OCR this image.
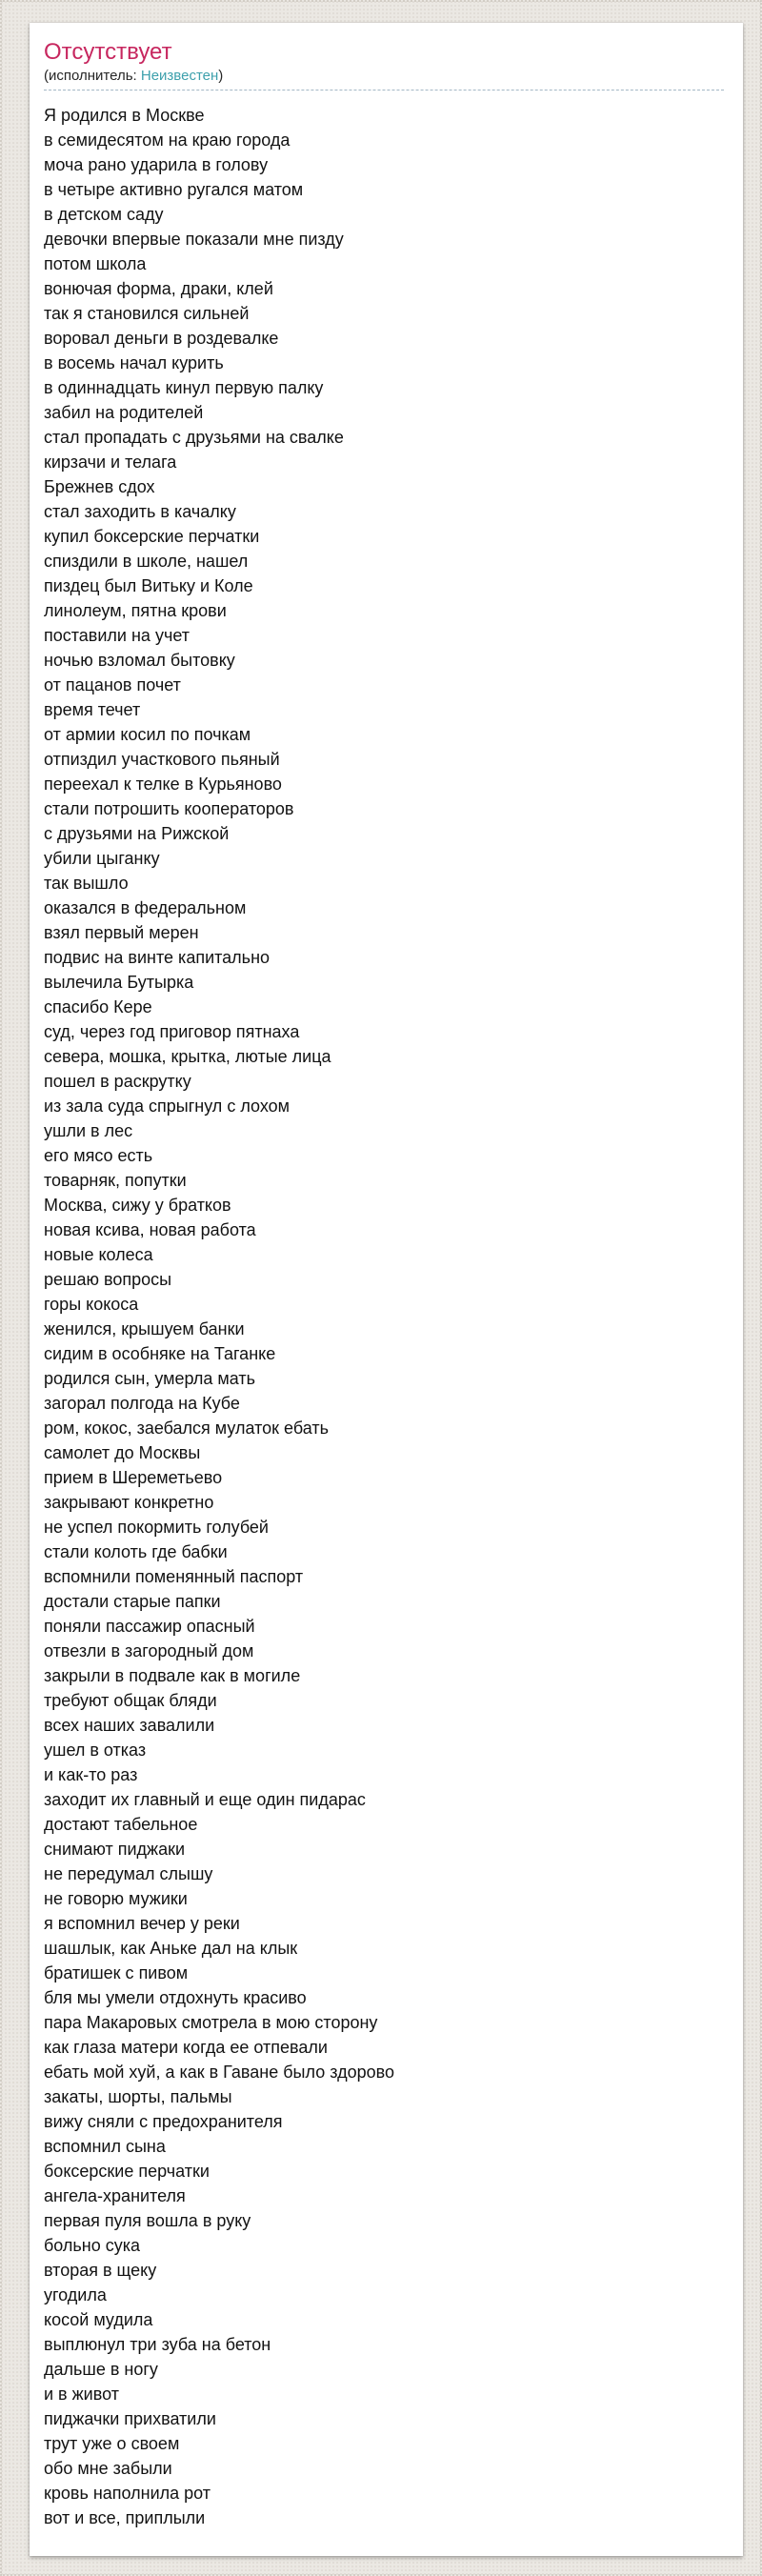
Отсутствует

(исполнитель: Неизвестен)

Я родился в Москве
в семидесятом на краю города
моча рано ударила в голову
в четыре активно ругался матом
в детском саду
девочки впервые показали мне пизду
потом школа
вонючая форма, драки, клей
так я становился сильней
воровал деньги в роздевалке
в восемь начал курить
в одиннадцать кинул первую палку
забил на родителей
стал пропадать с друзьями на свалке
кирзачи и телага
Брежнев сдох
стал заходить в качалку
купил боксерские перчатки
спиздили в школе, нашел
пиздец был Витьку и Коле
линолеум, пятна крови
поставили на учет
ночью взломал бытовку
от пацанов почет
время течет
от армии косил по почкам
отпиздил участкового пьяный
переехал к телке в Курьяново
стали потрошить кооператоров
с друзьями на Рижской
убили цыганку
так вышло
оказался в федеральном
взял первый мерен
подвис на винте капитально
вылечила Бутырка
спасибо Кере
суд, через год приговор пятнаха
севера, мошка, крытка, лютые лица
пошел в раскрутку
из зала суда спрыгнул с лохом
ушли в лес
его мясо есть
товарняк, попутки
Москва, сижу у братков
новая ксива, новая работа
новые колеса
решаю вопросы
горы кокоса
женился, крышуем банки
сидим в особняке на Таганке
родился сын, умерла мать
загорал полгода на Кубе
ром, кокос, заебался мулаток ебать
самолет до Москвы
прием в Шереметьево
закрывают конкретно
не успел покормить голубей
стали колоть где бабки
вспомнили поменянный паспорт
достали старые папки
поняли пассажир опасный
отвезли в загородный дом
закрыли в подвале как в могиле
требуют общак бляди
всех наших завалили
ушел в отказ
и как-то раз
заходит их главный и еще один пидарас
достают табельное
снимают пиджаки
не передумал слышу
не говорю мужики
я вспомнил вечер у реки
шашлык, как Аньке дал на клык
братишек с пивом
бля мы умели отдохнуть красиво
пара Макаровых смотрела в мою сторону
как глаза матери когда ее отпевали
ебать мой хуй, а как в Гаване было здорово
закаты, шорты, пальмы
вижу сняли с предохранителя
вспомнил сына
боксерские перчатки
ангела-хранителя
первая пуля вошла в руку
больно сука
вторая в щеку
угодила
косой мудила
выплюнул три зуба на бетон
дальше в ногу
и в живот
пиджачки прихватили
трут уже о своем
обо мне забыли
кровь наполнила рот
вот и все, приплыли
